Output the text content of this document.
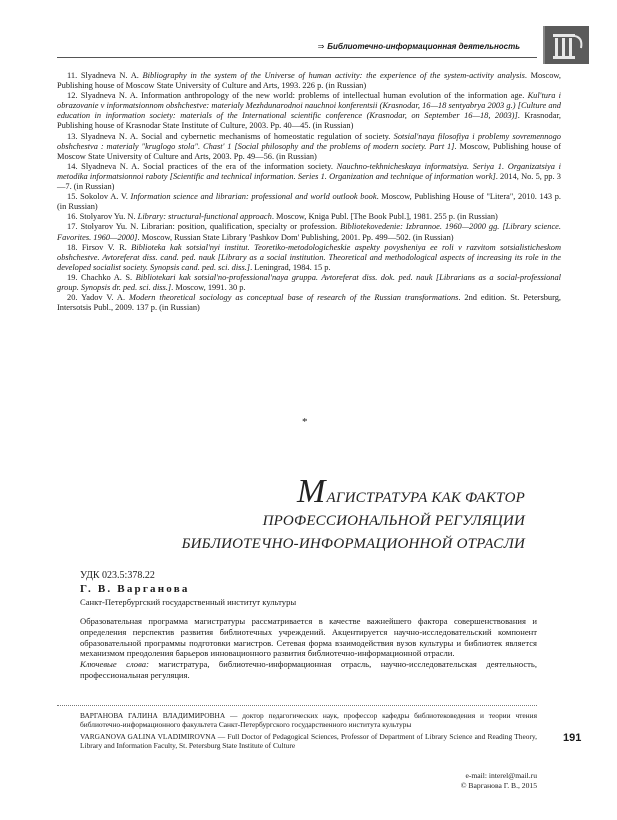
⇒ Библиотечно-информационная деятельность

11. Slyadneva N. A. Bibliography in the system of the Universe of human activity: the experience of the system-activity analysis. Moscow, Publishing house of Moscow State University of Culture and Arts, 1993. 226 p. (in Russian)

12. Slyadneva N. A. Information anthropology of the new world: problems of intellectual human evolution of the information age. Kul'tura i obrazovanie v informatsionnom obshchestve: materialy Mezhdunarodnoi nauchnoi konferentsii (Krasnodar, 16—18 sentyabrya 2003 g.) [Culture and education in information society: materials of the International scientific conference (Krasnodar, on September 16—18, 2003)]. Krasnodar, Publishing house of Krasnodar State Institute of Culture, 2003. Pp. 40—45. (in Russian)

13. Slyadneva N. A. Social and cybernetic mechanisms of homeostatic regulation of society. Sotsial'naya filosofiya i problemy sovremennogo obshchestva : materialy "kruglogo stola". Chast' 1 [Social philosophy and the problems of modern society. Part 1]. Moscow, Publishing house of Moscow State University of Culture and Arts, 2003. Pp. 49—56. (in Russian)

14. Slyadneva N. A. Social practices of the era of the information society. Nauchno-tekhnicheskaya informatsiya. Seriya 1. Organizatsiya i metodika informatsionnoi raboty [Scientific and technical information. Series 1. Organization and technique of information work]. 2014, No. 5, pp. 3—7. (in Russian)

15. Sokolov A. V. Information science and librarian: professional and world outlook book. Moscow, Publishing House of "Litera", 2010. 143 p. (in Russian)

16. Stolyarov Yu. N. Library: structural-functional approach. Moscow, Kniga Publ. [The Book Publ.], 1981. 255 p. (in Russian)

17. Stolyarov Yu. N. Librarian: position, qualification, specialty or profession. Bibliotekovedenie: Izbrannoe. 1960—2000 gg. [Library science. Favorites. 1960—2000]. Moscow, Russian State Library 'Pashkov Dom' Publishing, 2001. Pp. 499—502. (in Russian)

18. Firsov V. R. Biblioteka kak sotsial'nyi institut. Teoretiko-metodologicheskie aspekty povysheniya ee roli v razvitom sotsialisticheskom obshchestve. Avtoreferat diss. cand. ped. nauk [Library as a social institution. Theoretical and methodological aspects of increasing its role in the developed socialist society. Synopsis cand. ped. sci. diss.]. Leningrad, 1984. 15 p.

19. Chachko A. S. Bibliotekari kak sotsial'no-professional'naya gruppa. Avtoreferat diss. dok. ped. nauk [Librarians as a social-professional group. Synopsis dr. ped. sci. diss.]. Moscow, 1991. 30 p.

20. Yadov V. A. Modern theoretical sociology as conceptual base of research of the Russian transformations. 2nd edition. St. Petersburg, Intersotsis Publ., 2009. 137 p. (in Russian)

*
МАГИСТРАТУРА КАК ФАКТОР
ПРОФЕССИОНАЛЬНОЙ РЕГУЛЯЦИИ
БИБЛИОТЕЧНО-ИНФОРМАЦИОННОЙ ОТРАСЛИ
УДК 023.5:378.22
Г. В. Варганова
Санкт-Петербургский государственный институт культуры

Образовательная программа магистратуры рассматривается в качестве важнейшего фактора совершенствования и определения перспектив развития библиотечных учреждений. Акцентируется научно-исследовательский компонент образовательной программы подготовки магистров. Сетевая форма взаимодействия вузов культуры и библиотек является механизмом преодоления барьеров инновационного развития библиотечно-информационной отрасли.

Ключевые слова: магистратура, библиотечно-информационная отрасль, научно-исследовательская деятельность, профессиональная регуляция.

ВАРГАНОВА ГАЛИНА ВЛАДИМИРОВНА — доктор педагогических наук, профессор кафедры библиотековедения и теории чтения библиотечно-информационного факультета Санкт-Петербургского государственного института культуры

VARGANOVA GALINA VLADIMIROVNA — Full Doctor of Pedagogical Sciences, Professor of Department of Library Science and Reading Theory, Library and Information Faculty, St. Petersburg State Institute of Culture

191
e-mail: interel@mail.ru
© Варганова Г. В., 2015
